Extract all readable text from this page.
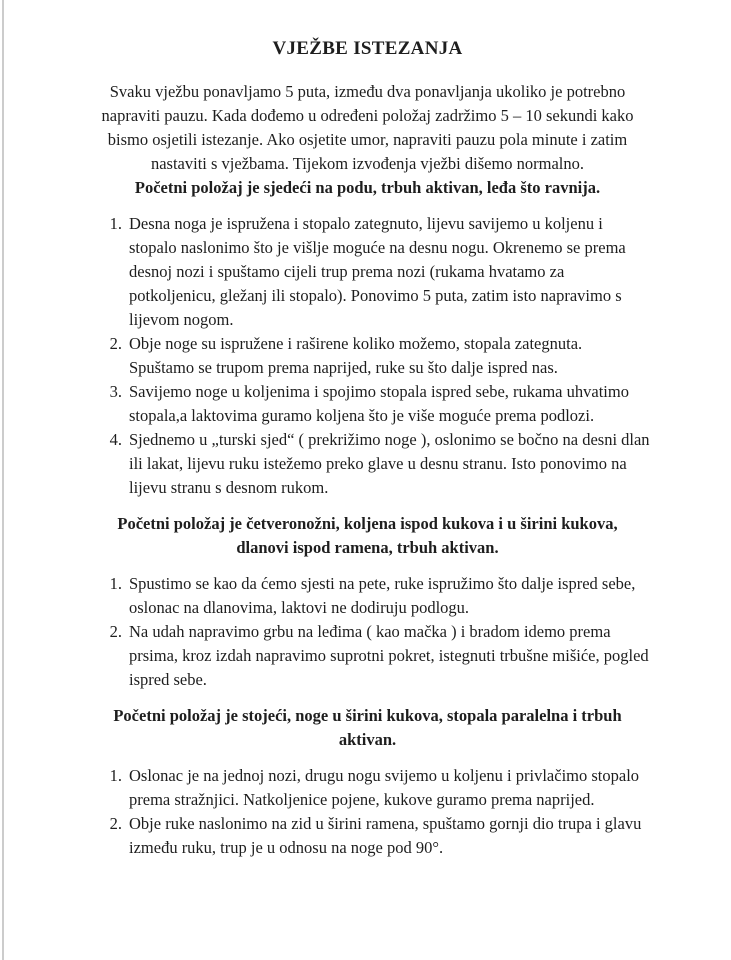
VJEŽBE ISTEZANJA

Svaku vježbu ponavljamo 5 puta, između dva ponavljanja ukoliko je potrebno napraviti pauzu. Kada dođemo u određeni položaj zadržimo 5 – 10 sekundi kako bismo osjetili istezanje. Ako osjetite umor, napraviti pauzu pola minute i zatim nastaviti s vježbama. Tijekom izvođenja vježbi dišemo normalno.

Početni položaj je sjedeći na podu, trbuh aktivan, leđa što ravnija.

1. Desna noga je ispružena i stopalo zategnuto, lijevu savijemo u koljenu i stopalo naslonimo što je višlje moguće na desnu nogu. Okrenemo se prema desnoj nozi i spuštamo cijeli trup prema nozi (rukama hvatamo za potkoljenicu, gležanj ili stopalo). Ponovimo 5 puta, zatim isto napravimo s lijevom nogom.
2. Obje noge su ispružene i raširene koliko možemo, stopala zategnuta. Spuštamo se trupom prema naprijed, ruke su što dalje ispred nas.
3. Savijemo noge u koljenima i spojimo stopala ispred sebe, rukama uhvatimo stopala,a laktovima guramo koljena što je više moguće prema podlozi.
4. Sjednemo u „turski sjed“ ( prekrižimo noge ), oslonimo se bočno na desni dlan ili lakat, lijevu ruku istežemo preko glave u desnu stranu. Isto ponovimo na lijevu stranu s desnom rukom.

Početni položaj je četveronožni, koljena ispod kukova i u širini kukova, dlanovi ispod ramena, trbuh aktivan.

1. Spustimo se kao da ćemo sjesti na pete, ruke ispružimo što dalje ispred sebe, oslonac na dlanovima, laktovi ne dodiruju podlogu.
2. Na udah napravimo grbu na leđima ( kao mačka ) i bradom idemo prema prsima, kroz izdah napravimo suprotni pokret, istegnuti trbušne mišiće, pogled ispred sebe.

Početni položaj je stojeći, noge u širini kukova, stopala paralelna i trbuh aktivan.

1. Oslonac je na jednoj nozi, drugu nogu svijemo u koljenu i privlačimo stopalo prema stražnjici. Natkoljenice pojene, kukove guramo prema naprijed.
2. Obje ruke naslonimo na zid u širini ramena, spuštamo gornji dio trupa i glavu između ruku, trup je u odnosu na noge pod 90°.
